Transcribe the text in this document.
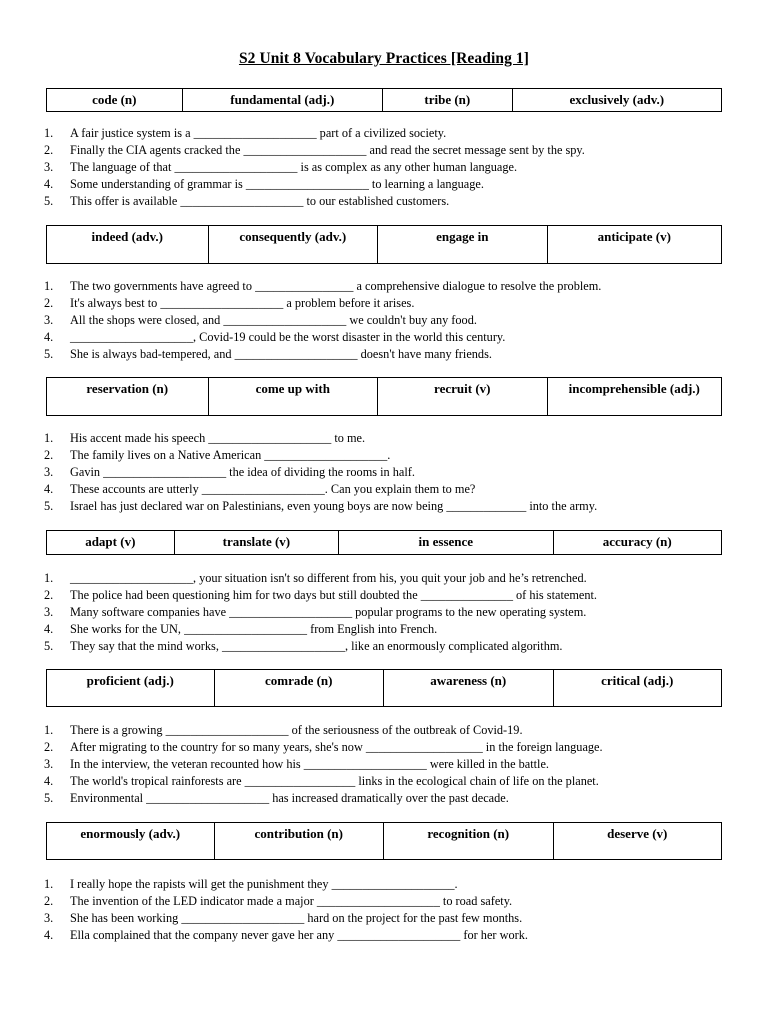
S2 Unit 8 Vocabulary Practices [Reading 1]
code (n)	fundamental (adj.)	tribe (n)	exclusively (adv.)
1. A fair justice system is a ____________________ part of a civilized society.
2. Finally the CIA agents cracked the ____________________ and read the secret message sent by the spy.
3. The language of that ____________________ is as complex as any other human language.
4. Some understanding of grammar is ____________________ to learning a language.
5. This offer is available ____________________ to our established customers.
indeed (adv.)	consequently (adv.)	engage in	anticipate (v)
1. The two governments have agreed to ________________ a comprehensive dialogue to resolve the problem.
2. It's always best to ____________________ a problem before it arises.
3. All the shops were closed, and ____________________ we couldn't buy any food.
4. ____________________, Covid-19 could be the worst disaster in the world this century.
5. She is always bad-tempered, and ____________________ doesn't have many friends.
reservation (n)	come up with	recruit (v)	incomprehensible (adj.)
1. His accent made his speech ____________________ to me.
2. The family lives on a Native American ____________________.
3. Gavin ____________________ the idea of dividing the rooms in half.
4. These accounts are utterly ____________________. Can you explain them to me?
5. Israel has just declared war on Palestinians, even young boys are now being _____________ into the army.
adapt (v)	translate (v)	in essence	accuracy (n)
1. ____________________, your situation isn't so different from his, you quit your job and he’s retrenched.
2. The police had been questioning him for two days but still doubted the _______________ of his statement.
3. Many software companies have ____________________ popular programs to the new operating system.
4. She works for the UN, ____________________ from English into French.
5. They say that the mind works, ____________________, like an enormously complicated algorithm.
proficient (adj.)	comrade (n)	awareness (n)	critical (adj.)
1. There is a growing ____________________ of the seriousness of the outbreak of Covid-19.
2. After migrating to the country for so many years, she's now ___________________ in the foreign language.
3. In the interview, the veteran recounted how his ____________________ were killed in the battle.
4. The world's tropical rainforests are __________________ links in the ecological chain of life on the planet.
5. Environmental ____________________ has increased dramatically over the past decade.
enormously (adv.)	contribution (n)	recognition (n)	deserve (v)
1. I really hope the rapists will get the punishment they ____________________.
2. The invention of the LED indicator made a major ____________________ to road safety.
3. She has been working ____________________ hard on the project for the past few months.
4. Ella complained that the company never gave her any ____________________ for her work.
